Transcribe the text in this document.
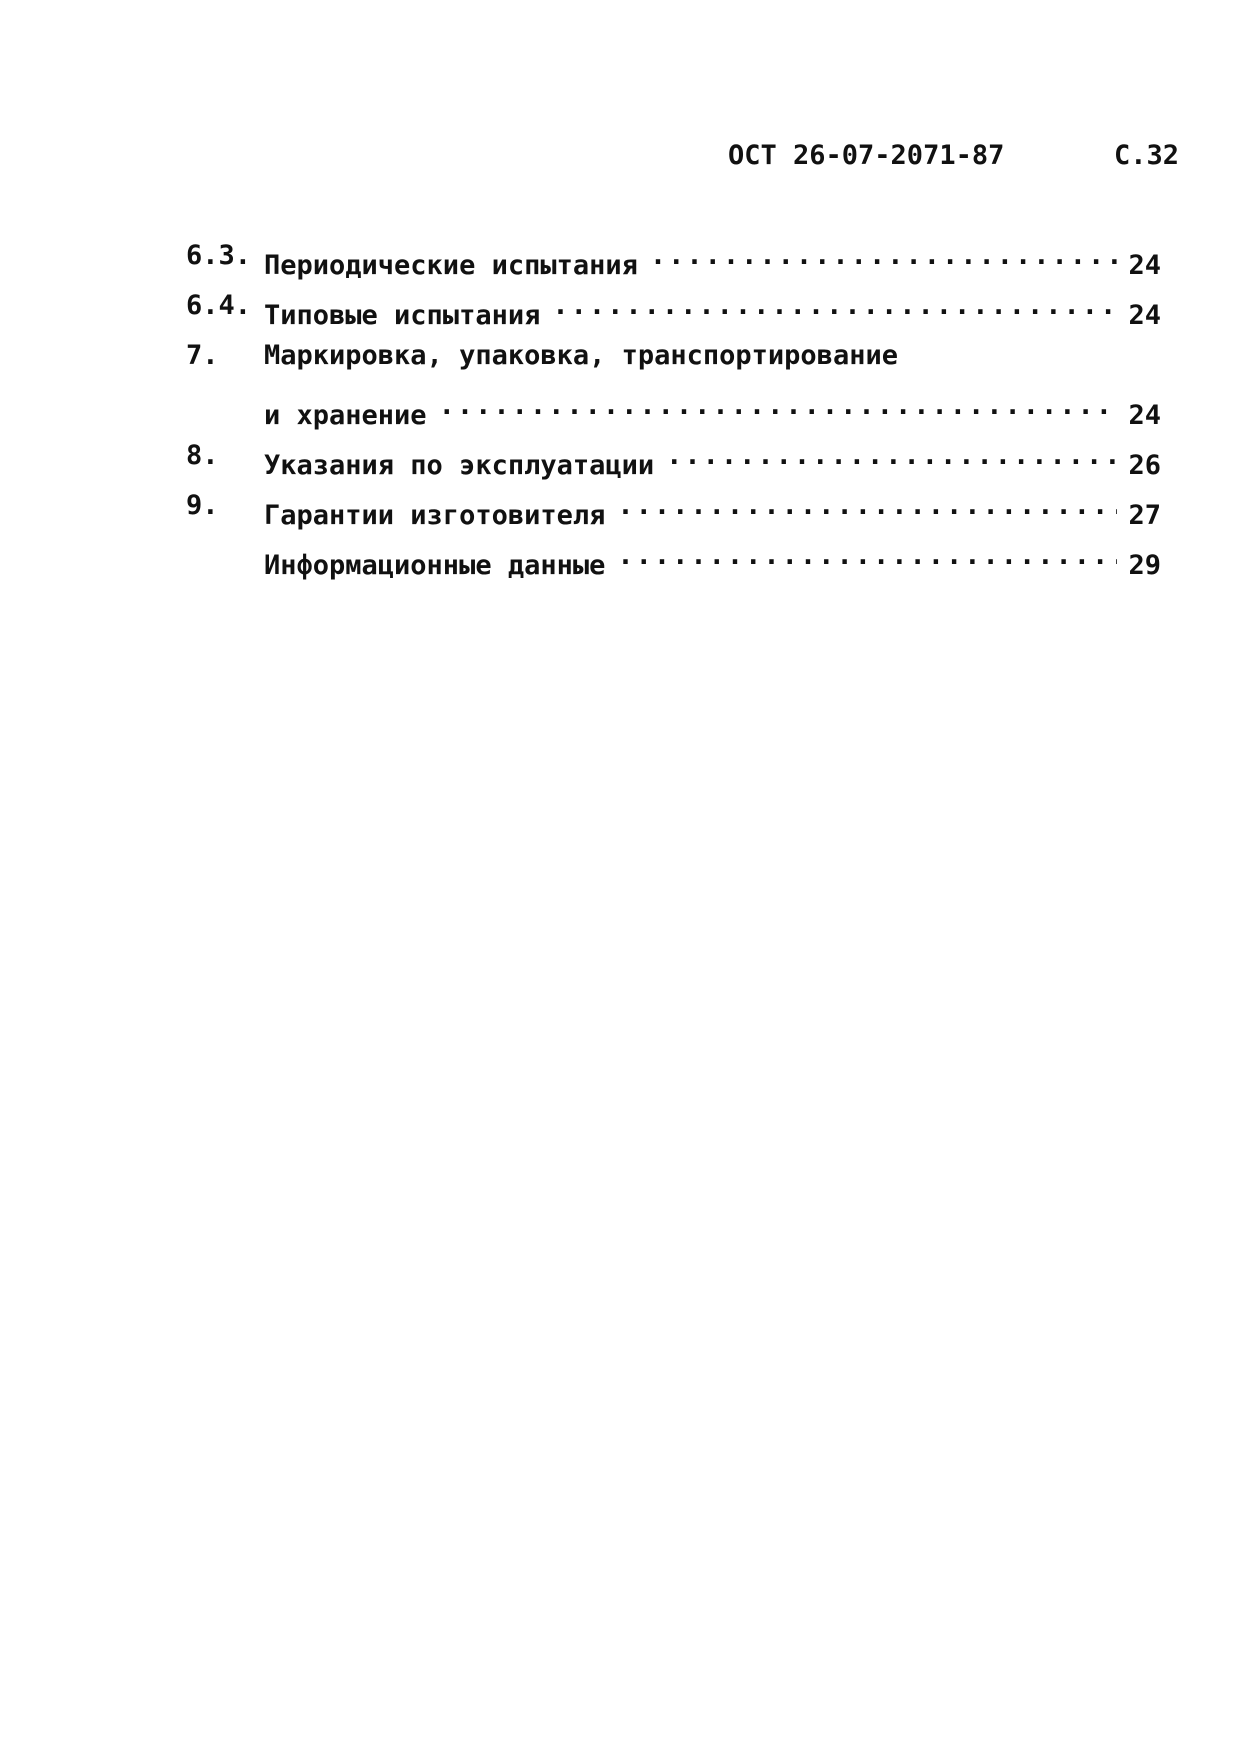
ОСТ 26-07-2071-87	С.32
6.3. Периодические испытания .....	24
6.4. Типовые испытания .....	24
7.	Маркировка, упаковка, транспортирование
и хранение .....	24
8.	Указания по эксплуатации .....	26
9.	Гарантии изготовителя .....	27
Информационные данные .....	29
